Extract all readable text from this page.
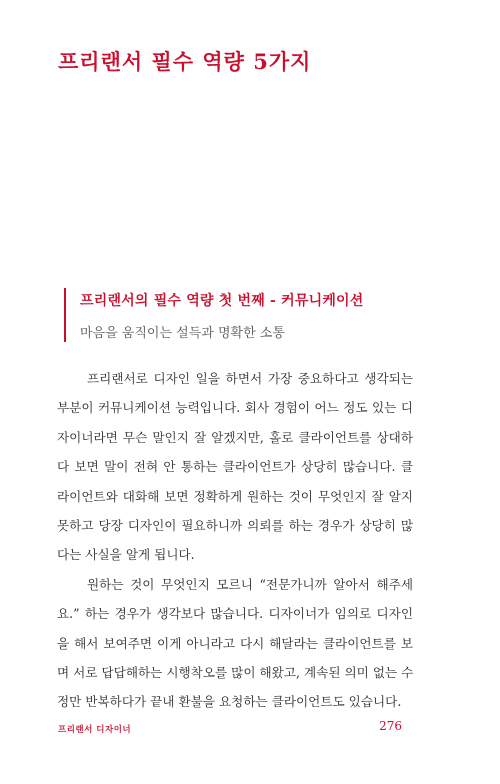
프리랜서 필수 역량 5가지
프리랜서의 필수 역량 첫 번째 - 커뮤니케이션
마음을 움직이는 설득과 명확한 소통
프리랜서로 디자인 일을 하면서 가장 중요하다고 생각되는
부분이 커뮤니케이션 능력입니다. 회사 경험이 어느 정도 있는 디
자이너라면 무슨 말인지 잘 알겠지만, 홀로 클라이언트를 상대하
다 보면 말이 전혀 안 통하는 클라이언트가 상당히 많습니다. 클
라이언트와 대화해 보면 정확하게 원하는 것이 무엇인지 잘 알지
못하고 당장 디자인이 필요하니까 의뢰를 하는 경우가 상당히 많
다는 사실을 알게 됩니다.
원하는 것이 무엇인지 모르니 “전문가니까 알아서 해주세
요.” 하는 경우가 생각보다 많습니다. 디자이너가 임의로 디자인
을 해서 보여주면 이게 아니라고 다시 해달라는 클라이언트를 보
며 서로 답답해하는 시행착오를 많이 해왔고, 계속된 의미 없는 수
정만 반복하다가 끝내 환불을 요청하는 클라이언트도 있습니다.
프리랜서 디자이너	276
